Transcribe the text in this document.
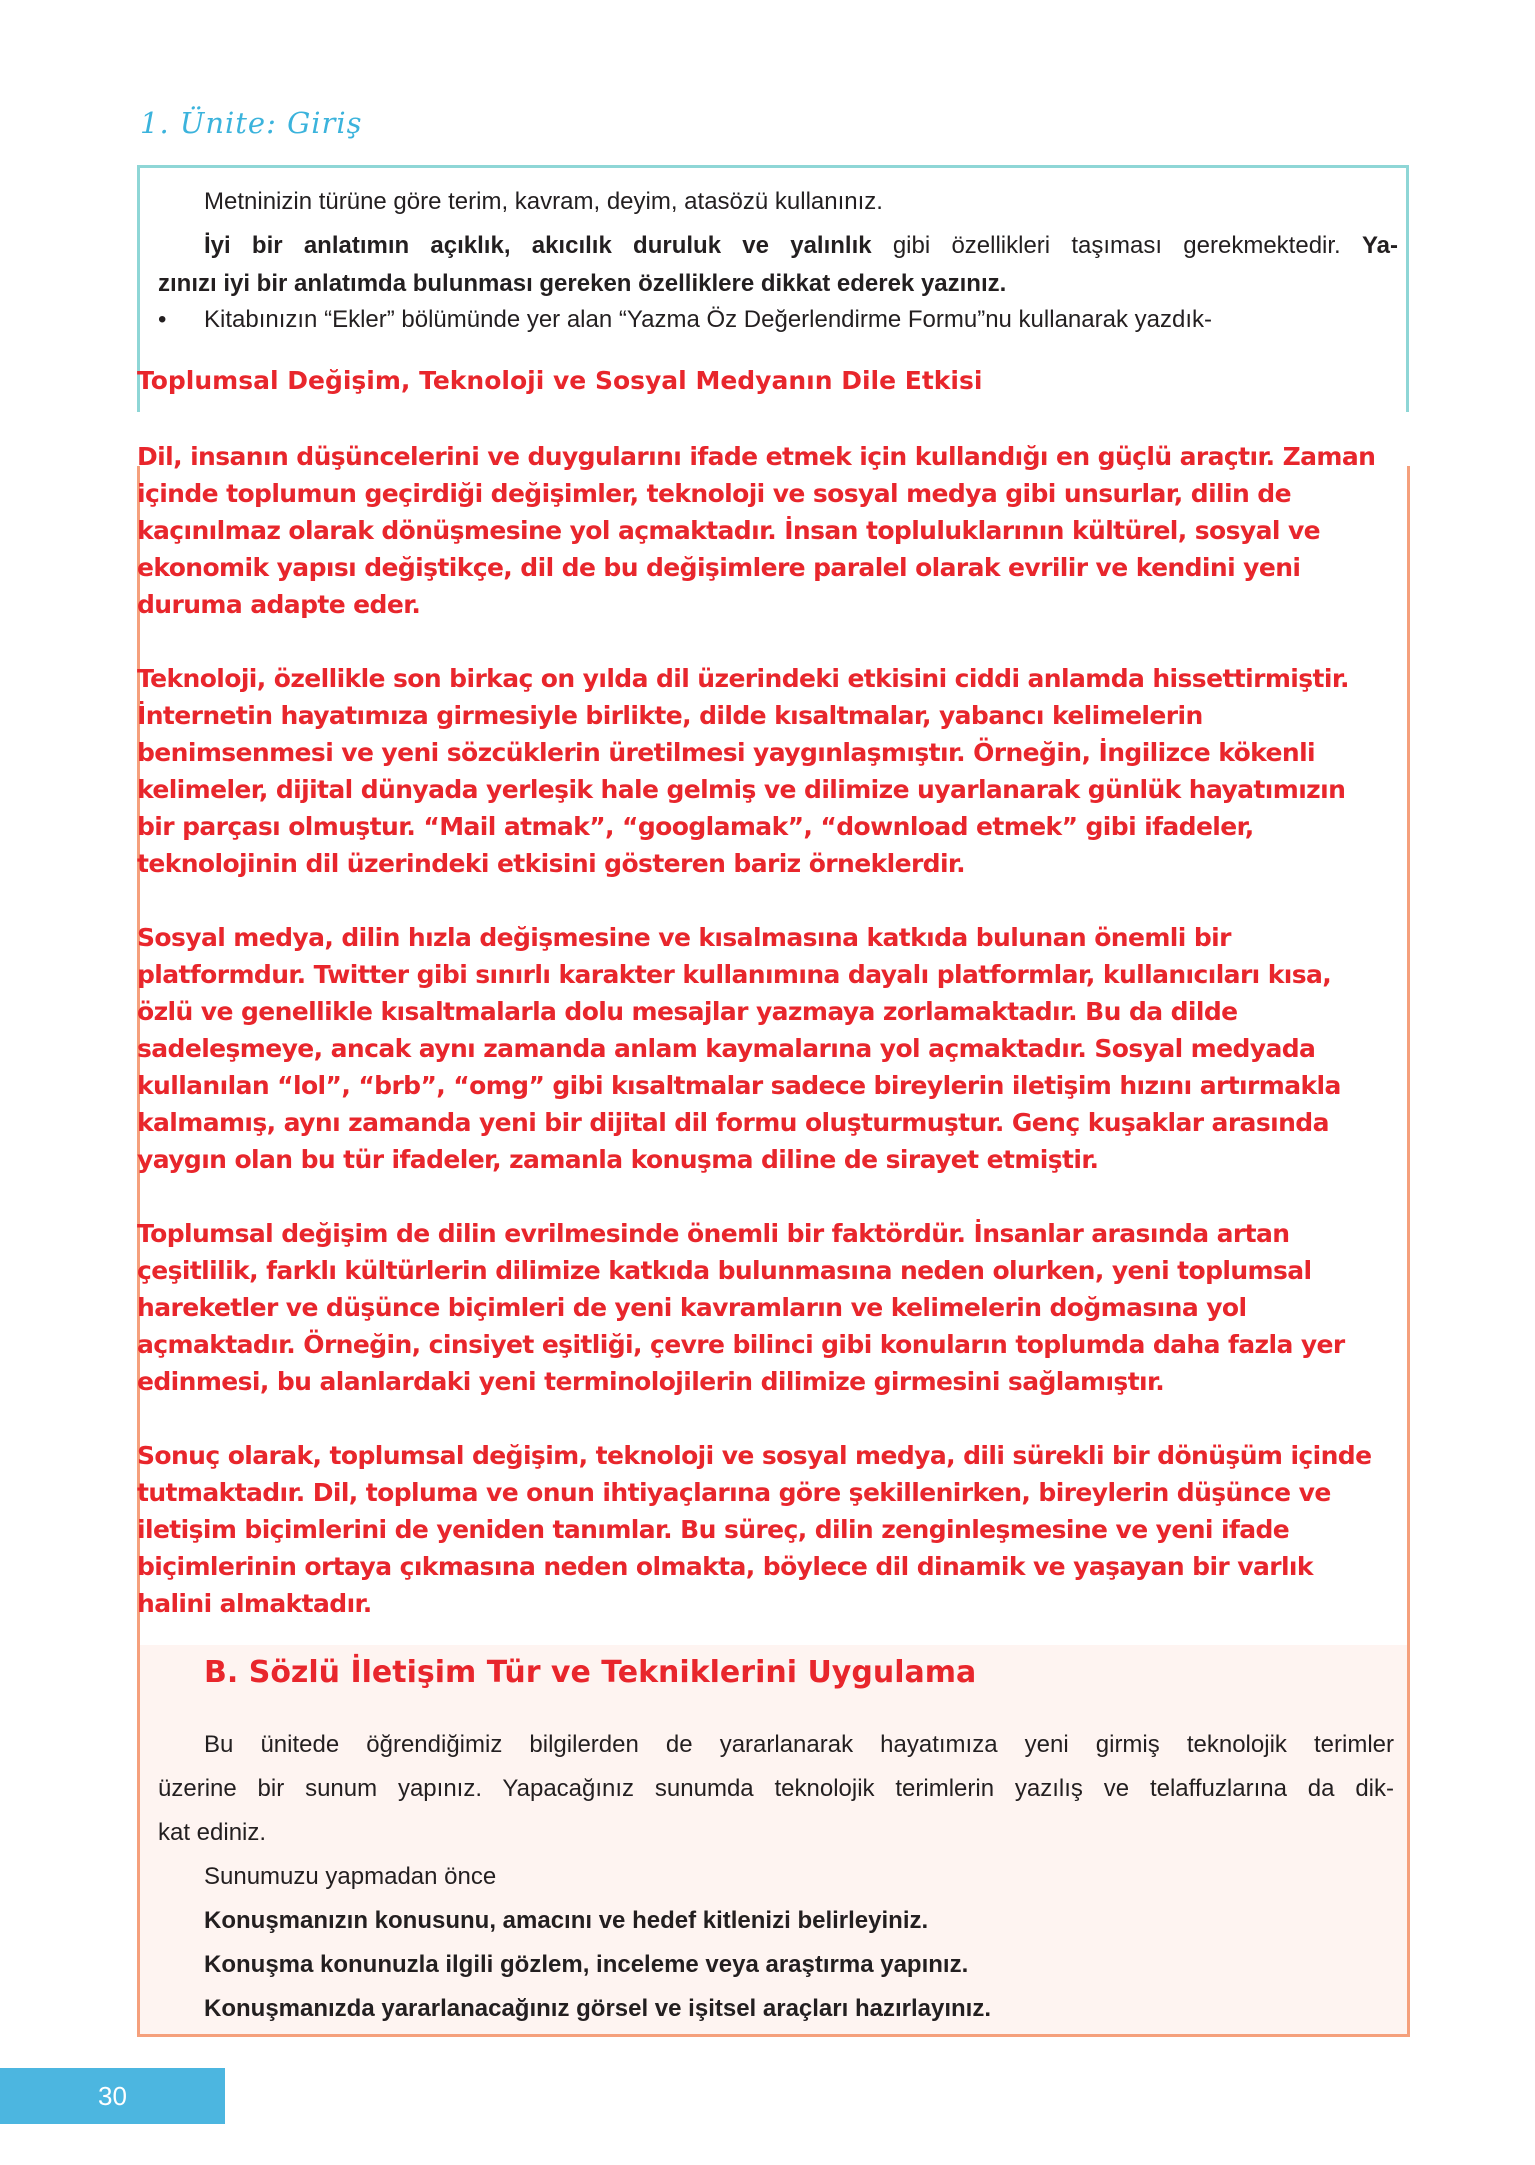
1. Ünite: Giriş

Metninizin türüne göre terim, kavram, deyim, atasözü kullanınız.

İyi bir anlatımın açıklık, akıcılık duruluk ve yalınlık gibi özellikleri taşıması gerekmektedir. Ya-

zınızı iyi bir anlatımda bulunması gereken özelliklere dikkat ederek yazınız.

•	Kitabınızın “Ekler” bölümünde yer alan “Yazma Öz Değerlendirme Formu”nu kullanarak yazdık-

Toplumsal Değişim, Teknoloji ve Sosyal Medyanın Dile Etkisi

Dil, insanın düşüncelerini ve duygularını ifade etmek için kullandığı en güçlü araçtır. Zaman
içinde toplumun geçirdiği değişimler, teknoloji ve sosyal medya gibi unsurlar, dilin de
kaçınılmaz olarak dönüşmesine yol açmaktadır. İnsan topluluklarının kültürel, sosyal ve
ekonomik yapısı değiştikçe, dil de bu değişimlere paralel olarak evrilir ve kendini yeni
duruma adapte eder.

Teknoloji, özellikle son birkaç on yılda dil üzerindeki etkisini ciddi anlamda hissettirmiştir.
İnternetin hayatımıza girmesiyle birlikte, dilde kısaltmalar, yabancı kelimelerin
benimsenmesi ve yeni sözcüklerin üretilmesi yaygınlaşmıştır. Örneğin, İngilizce kökenli
kelimeler, dijital dünyada yerleşik hale gelmiş ve dilimize uyarlanarak günlük hayatımızın
bir parçası olmuştur. “Mail atmak”, “googlamak”, “download etmek” gibi ifadeler,
teknolojinin dil üzerindeki etkisini gösteren bariz örneklerdir.

Sosyal medya, dilin hızla değişmesine ve kısalmasına katkıda bulunan önemli bir
platformdur. Twitter gibi sınırlı karakter kullanımına dayalı platformlar, kullanıcıları kısa,
özlü ve genellikle kısaltmalarla dolu mesajlar yazmaya zorlamaktadır. Bu da dilde
sadeleşmeye, ancak aynı zamanda anlam kaymalarına yol açmaktadır. Sosyal medyada
kullanılan “lol”, “brb”, “omg” gibi kısaltmalar sadece bireylerin iletişim hızını artırmakla
kalmamış, aynı zamanda yeni bir dijital dil formu oluşturmuştur. Genç kuşaklar arasında
yaygın olan bu tür ifadeler, zamanla konuşma diline de sirayet etmiştir.

Toplumsal değişim de dilin evrilmesinde önemli bir faktördür. İnsanlar arasında artan
çeşitlilik, farklı kültürlerin dilimize katkıda bulunmasına neden olurken, yeni toplumsal
hareketler ve düşünce biçimleri de yeni kavramların ve kelimelerin doğmasına yol
açmaktadır. Örneğin, cinsiyet eşitliği, çevre bilinci gibi konuların toplumda daha fazla yer
edinmesi, bu alanlardaki yeni terminolojilerin dilimize girmesini sağlamıştır.

Sonuç olarak, toplumsal değişim, teknoloji ve sosyal medya, dili sürekli bir dönüşüm içinde
tutmaktadır. Dil, topluma ve onun ihtiyaçlarına göre şekillenirken, bireylerin düşünce ve
iletişim biçimlerini de yeniden tanımlar. Bu süreç, dilin zenginleşmesine ve yeni ifade
biçimlerinin ortaya çıkmasına neden olmakta, böylece dil dinamik ve yaşayan bir varlık
halini almaktadır.

B. Sözlü İletişim Tür ve Tekniklerini Uygulama

Bu ünitede öğrendiğimiz bilgilerden de yararlanarak hayatımıza yeni girmiş teknolojik terimler

üzerine bir sunum yapınız. Yapacağınız sunumda teknolojik terimlerin yazılış ve telaffuzlarına da dik-

kat ediniz.

Sunumuzu yapmadan önce

Konuşmanızın konusunu, amacını ve hedef kitlenizi belirleyiniz.

Konuşma konunuzla ilgili gözlem, inceleme veya araştırma yapınız.

Konuşmanızda yararlanacağınız görsel ve işitsel araçları hazırlayınız.

30
